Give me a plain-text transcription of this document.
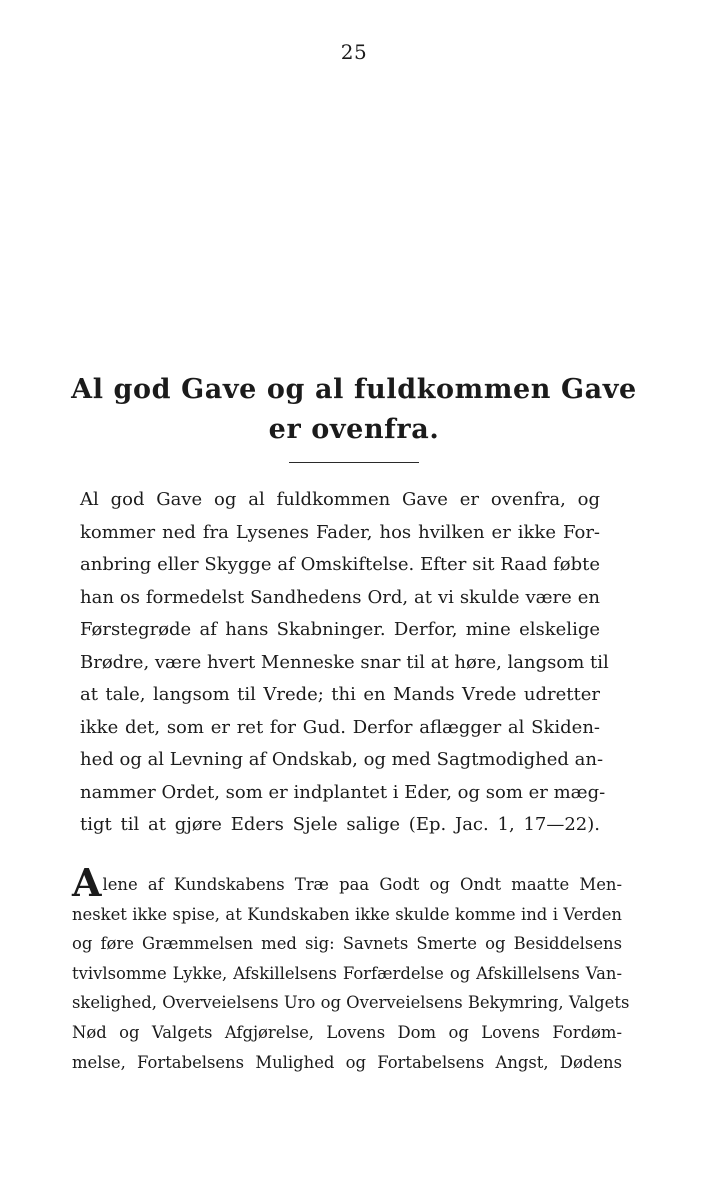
25
Al god Gave og al fuldkommen Gave
er ovenfra.
Al god Gave og al fuldkommen Gave er ovenfra, og
kommer ned fra Lysenes Fader, hos hvilken er ikke For-
anbring eller Skygge af Omskiftelse. Efter sit Raad føbte
han os formedelst Sandhedens Ord, at vi skulde være en
Førstegrøde af hans Skabninger. Derfor, mine elskelige
Brødre, være hvert Menneske snar til at høre, langsom til
at tale, langsom til Vrede; thi en Mands Vrede udretter
ikke det, som er ret for Gud. Derfor aflægger al Skiden-
hed og al Levning af Ondskab, og med Sagtmodighed an-
nammer Ordet, som er indplantet i Eder, og som er mæg-
tigt til at gjøre Eders Sjele salige (Ep. Jac. 1, 17—22).
Alene af Kundskabens Træ paa Godt og Ondt maatte Men-
nesket ikke spise, at Kundskaben ikke skulde komme ind i Verden
og føre Græmmelsen med sig: Savnets Smerte og Besiddelsens
tvivlsomme Lykke, Afskillelsens Forfærdelse og Afskillelsens Van-
skelighed, Overveielsens Uro og Overveielsens Bekymring, Valgets
Nød og Valgets Afgjørelse, Lovens Dom og Lovens Fordøm-
melse, Fortabelsens Mulighed og Fortabelsens Angst, Dødens
